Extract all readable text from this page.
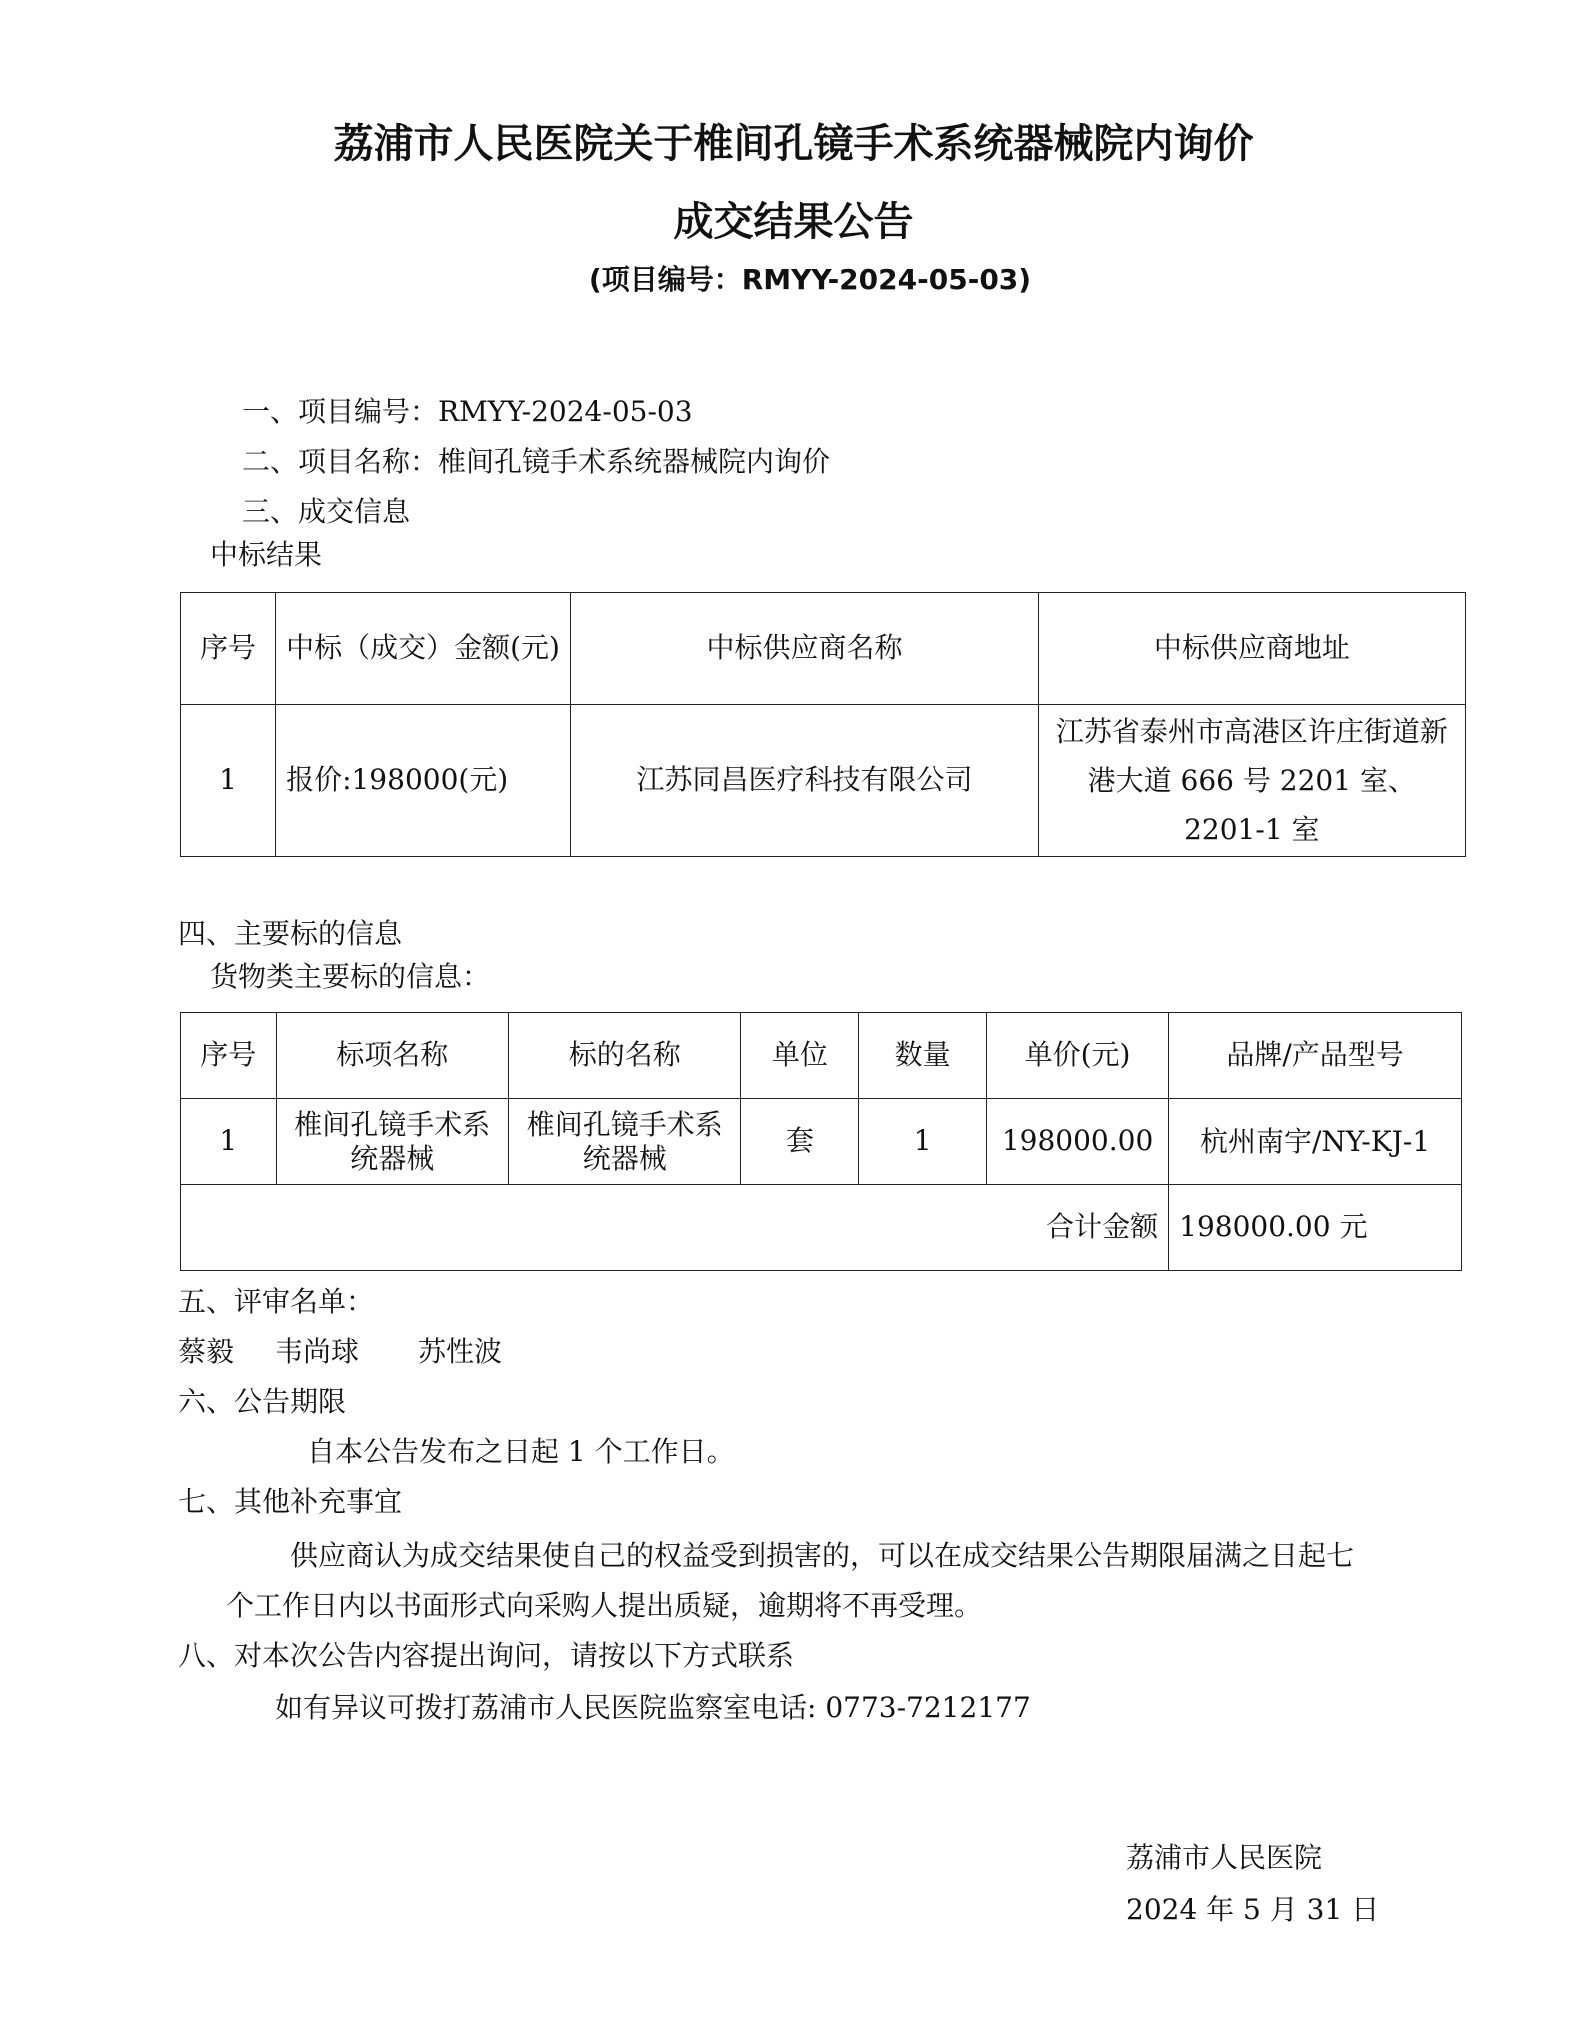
荔浦市人民医院关于椎间孔镜手术系统器械院内询价
成交结果公告
(项目编号：RMYY-2024-05-03)
一、项目编号：RMYY-2024-05-03
二、项目名称：椎间孔镜手术系统器械院内询价
三、成交信息
中标结果
序号	中标（成交）金额(元)	中标供应商名称	中标供应商地址
1	报价:198000(元)	江苏同昌医疗科技有限公司	江苏省泰州市高港区许庄街道新港大道 666 号 2201 室、2201-1 室
四、主要标的信息
货物类主要标的信息：
序号	标项名称	标的名称	单位	数量	单价(元)	品牌/产品型号
1	椎间孔镜手术系统器械	椎间孔镜手术系统器械	套	1	198000.00	杭州南宇/NY-KJ-1
合计金额						198000.00 元
五、评审名单：
蔡毅 韦尚球 苏性波
六、公告期限
自本公告发布之日起 1 个工作日。
七、其他补充事宜
供应商认为成交结果使自己的权益受到损害的，可以在成交结果公告期限届满之日起七
个工作日内以书面形式向采购人提出质疑，逾期将不再受理。
八、对本次公告内容提出询问，请按以下方式联系
如有异议可拨打荔浦市人民医院监察室电话: 0773-7212177
荔浦市人民医院
2024 年 5 月 31 日
